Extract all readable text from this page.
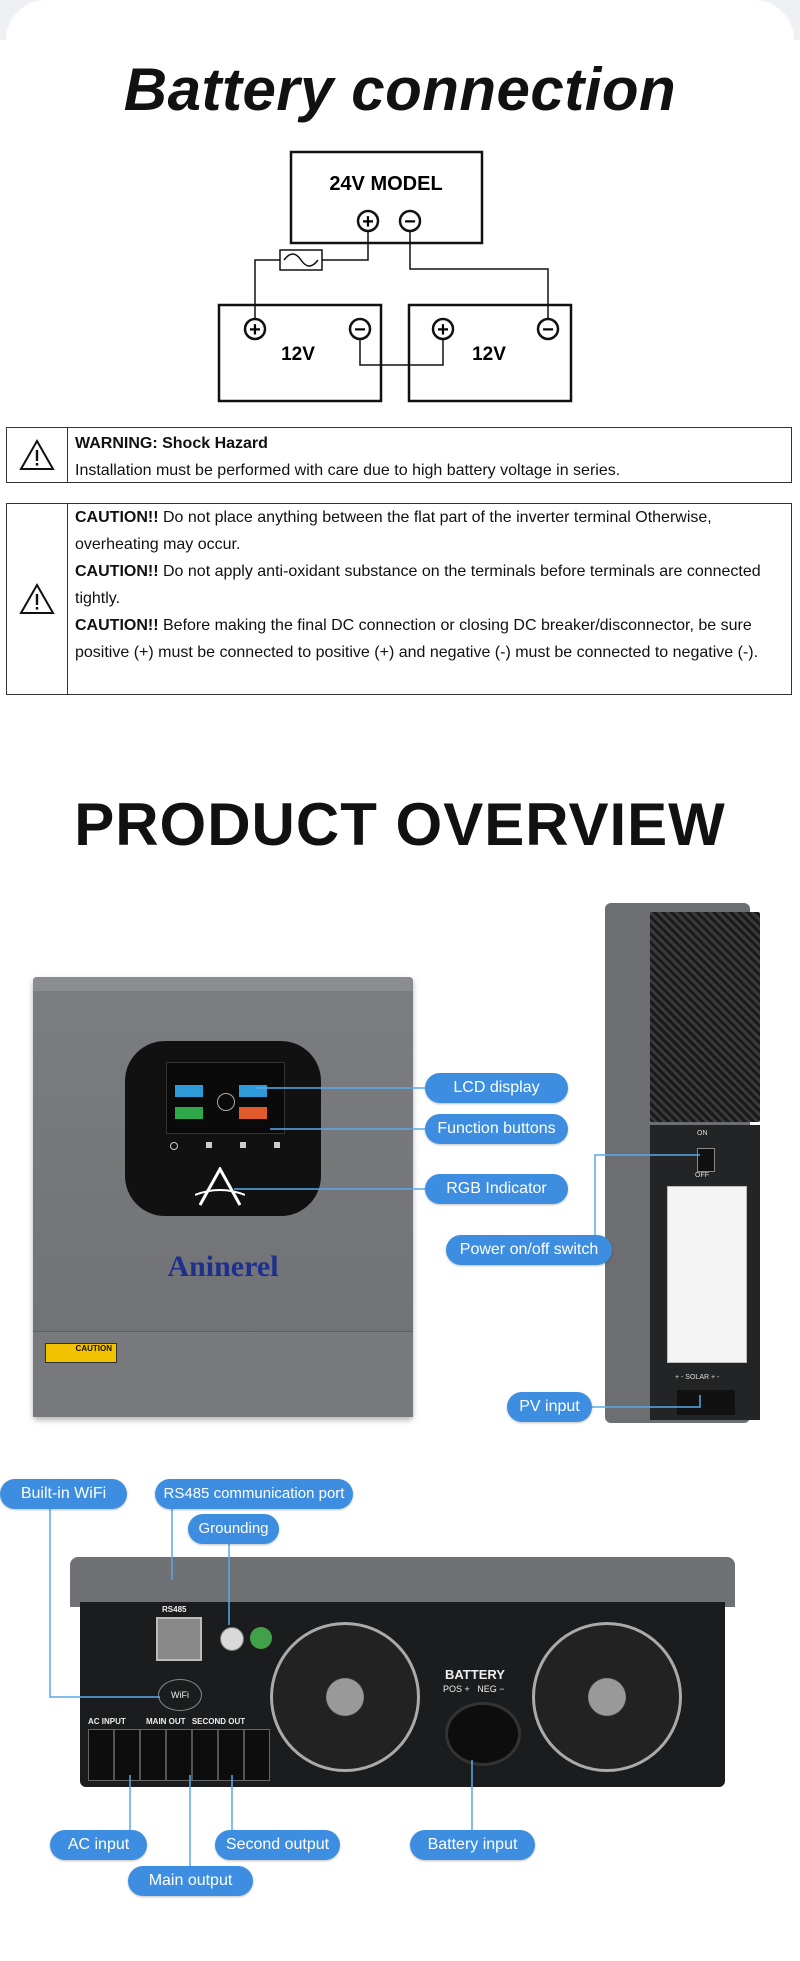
Battery connection
24V MODEL
+ −
12V	12V
+	−	+	−
WARNING: Shock Hazard
Installation must be performed with care due to high battery voltage in series.
CAUTION!! Do not place anything between the flat part of the inverter terminal Otherwise, overheating may occur.
CAUTION!! Do not apply anti-oxidant substance on the terminals before terminals are connected tightly.
CAUTION!! Before making the final DC connection or closing DC breaker/disconnector, be sure positive (+) must be connected to positive (+) and negative (-) must be connected to negative (-).
PRODUCT OVERVIEW
Aninerel
CAUTION
ON
OFF
+ - SOLAR + -
LCD display
Function buttons
RGB Indicator
Power on/off switch
PV input
RS485
WiFi
AC INPUT	MAIN OUT SECOND OUT
BATTERY
POS +   NEG −
Built-in WiFi	RS485 communication port
Grounding
AC input	Second output	Battery input
Main output
